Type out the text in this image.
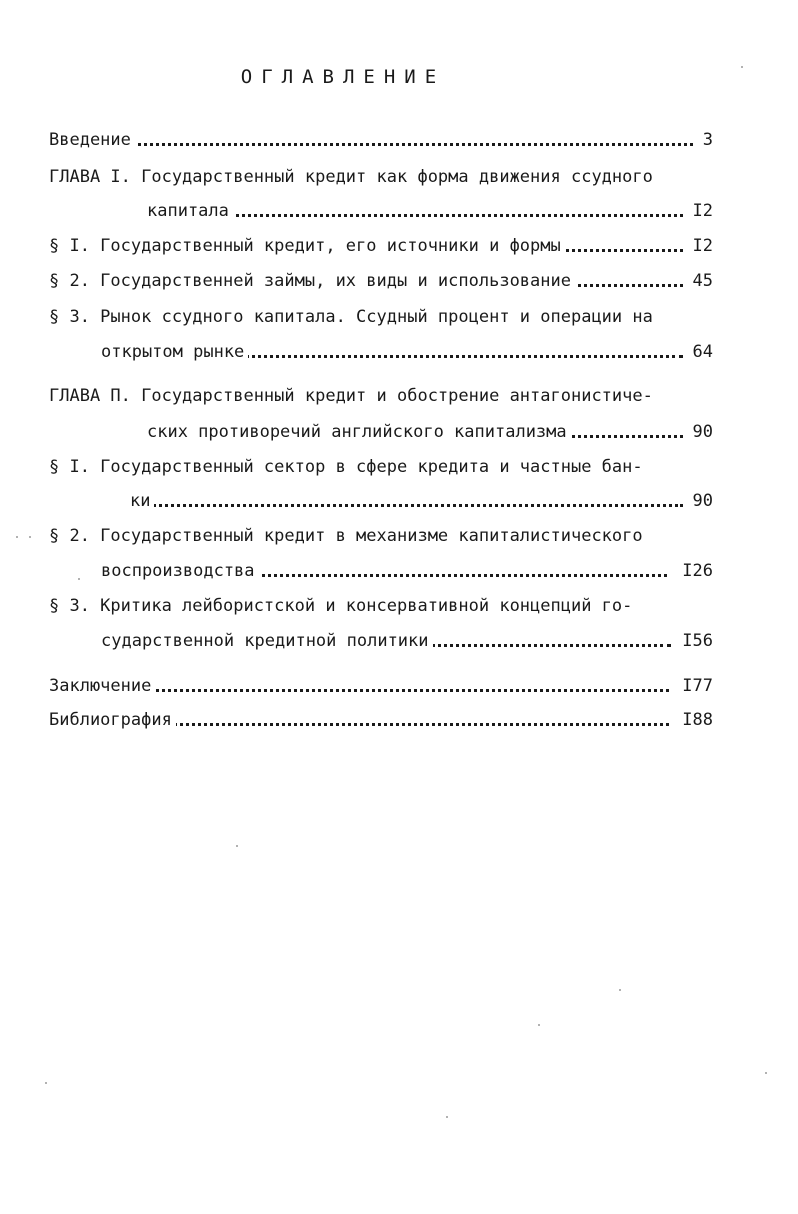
ОГЛАВЛЕНИЕ
Введение	3
ГЛАВА I. Государственный кредит как форма движения ссудного
капитала	I2
§ I. Государственный кредит, его источники и формы	I2
§ 2. Государственней займы, их виды и использование	45
§ 3. Рынок ссудного капитала. Ссудный процент и операции на
открытом рынке	64
ГЛАВА П. Государственный кредит и обострение антагонистиче-
ских противоречий английского капитализма	90
§ I. Государственный сектор в сфере кредита и частные бан-
ки	90
§ 2. Государственный кредит в механизме капиталистического
воспроизводства	I26
§ 3. Критика лейбористской и консервативной концепций го-
сударственной кредитной политики	I56
Заключение	I77
Библиография	I88
